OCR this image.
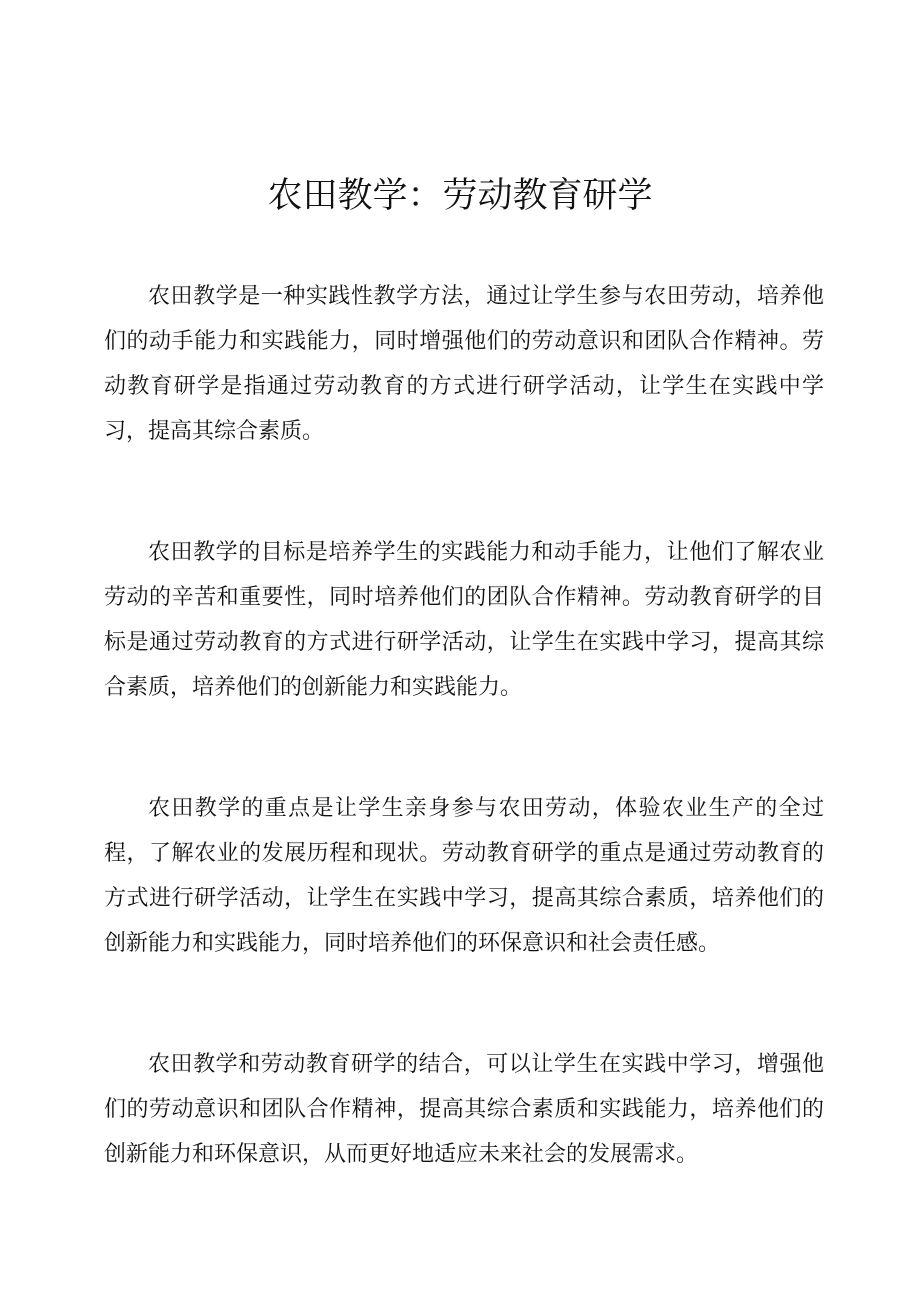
农田教学：劳动教育研学

农田教学是一种实践性教学方法，通过让学生参与农田劳动，培养他们的动手能力和实践能力，同时增强他们的劳动意识和团队合作精神。劳动教育研学是指通过劳动教育的方式进行研学活动，让学生在实践中学习，提高其综合素质。

农田教学的目标是培养学生的实践能力和动手能力，让他们了解农业劳动的辛苦和重要性，同时培养他们的团队合作精神。劳动教育研学的目标是通过劳动教育的方式进行研学活动，让学生在实践中学习，提高其综合素质，培养他们的创新能力和实践能力。

农田教学的重点是让学生亲身参与农田劳动，体验农业生产的全过程，了解农业的发展历程和现状。劳动教育研学的重点是通过劳动教育的方式进行研学活动，让学生在实践中学习，提高其综合素质，培养他们的创新能力和实践能力，同时培养他们的环保意识和社会责任感。

农田教学和劳动教育研学的结合，可以让学生在实践中学习，增强他们的劳动意识和团队合作精神，提高其综合素质和实践能力，培养他们的创新能力和环保意识，从而更好地适应未来社会的发展需求。
